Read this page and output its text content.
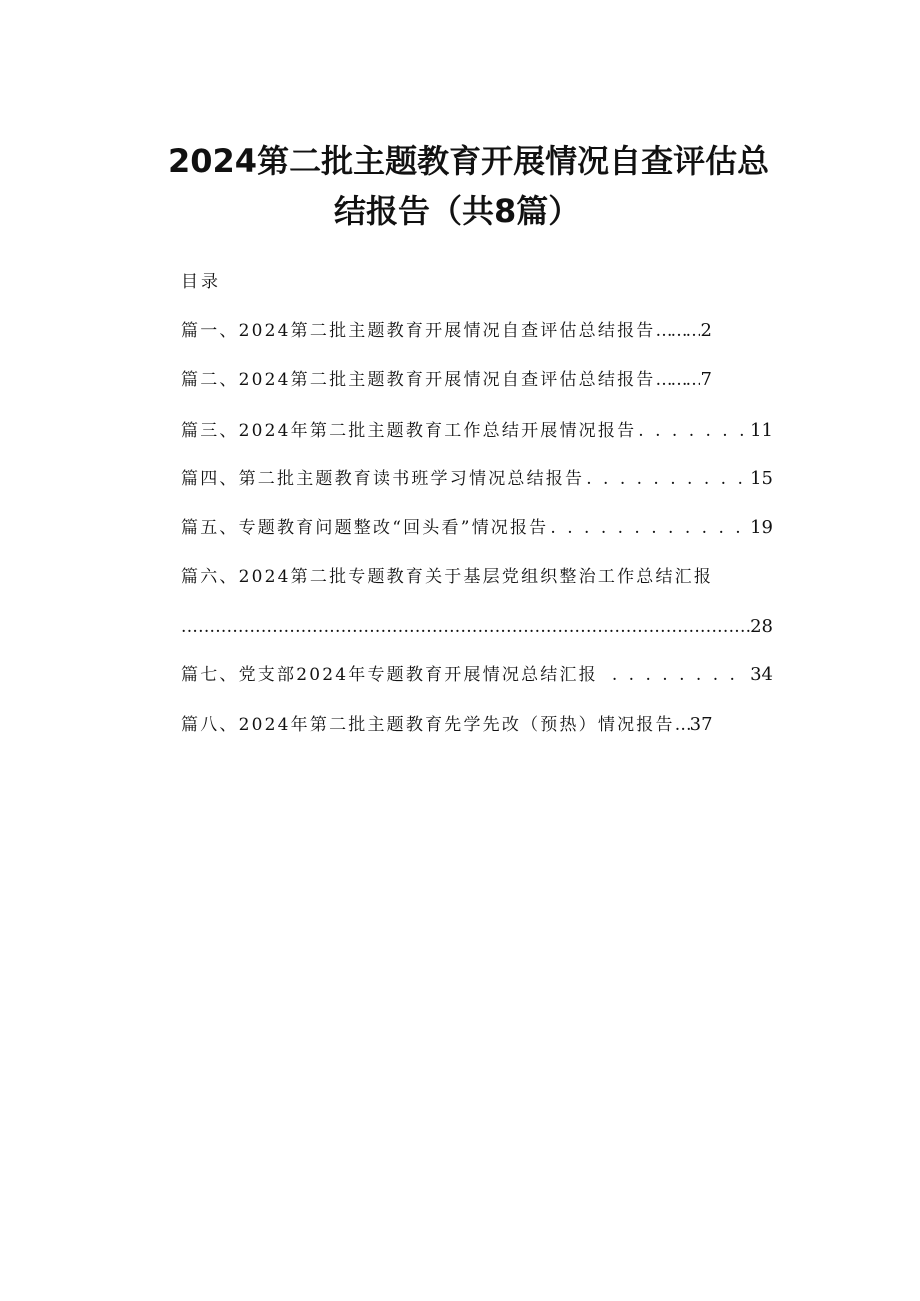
2024第二批主题教育开展情况自查评估总
结报告（共8篇）
目录
篇一、2024第二批主题教育开展情况自查评估总结报告 ……… 2
篇二、2024第二批主题教育开展情况自查评估总结报告 ……… 7
篇三、2024年第二批主题教育工作总结开展情况报告 . . .	11
篇四、第二批主题教育读书班学习情况总结报告 . . .	15
篇五、专题教育问题整改“回头看”情况报告 . . .	19
篇六、2024第二批专题教育关于基层党组织整治工作总结汇报
.....
28
篇七、党支部2024年专题教育开展情况总结汇报 . . .	34
篇八、2024年第二批主题教育先学先改（预热）情况报告 … 37
